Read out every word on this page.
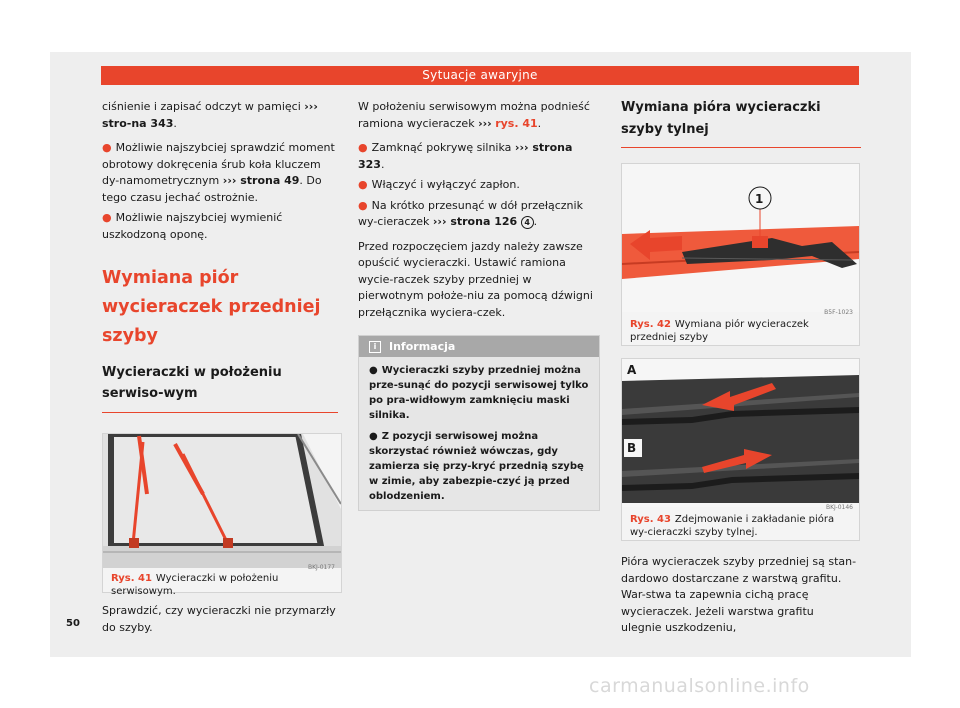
Sytuacje awaryjne

ciśnienie i zapisać odczyt w pamięci ››› stro-na 343.

● Możliwie najszybciej sprawdzić moment obrotowy dokręcenia śrub koła kluczem dy-namometrycznym ››› strona 49. Do tego czasu jechać ostrożnie.

● Możliwie najszybciej wymienić uszkodzoną oponę.

Wymiana piór wycieraczek przedniej szyby
Wycieraczki w położeniu serwiso-wym
BKJ-0177
Rys. 41 Wycieraczki w położeniu serwisowym.

Sprawdzić, czy wycieraczki nie przymarzły do szyby.

W położeniu serwisowym można podnieść ramiona wycieraczek ››› rys. 41.

● Zamknąć pokrywę silnika ››› strona 323.

● Włączyć i wyłączyć zapłon.

● Na krótko przesunąć w dół przełącznik wy-cieraczek ››› strona 126 4 .

Przed rozpoczęciem jazdy należy zawsze opuścić wycieraczki. Ustawić ramiona wycie-raczek szyby przedniej w pierwotnym położe-niu za pomocą dźwigni przełącznika wyciera-czek.

i Informacja

● Wycieraczki szyby przedniej można prze-sunąć do pozycji serwisowej tylko po pra-widłowym zamknięciu maski silnika.

● Z pozycji serwisowej można skorzystać również wówczas, gdy zamierza się przy-kryć przednią szybę w zimie, aby zabezpie-czyć ją przed oblodzeniem.

Wymiana pióra wycieraczki szyby tylnej
1
B5F-1023
Rys. 42 Wymiana piór wycieraczek przedniej szyby
A
B
BKJ-0146
Rys. 43 Zdejmowanie i zakładanie pióra wy-cieraczki szyby tylnej.

Pióra wycieraczek szyby przedniej są stan-dardowo dostarczane z warstwą grafitu. War-stwa ta zapewnia cichą pracę wycieraczek. Jeżeli warstwa grafitu ulegnie uszkodzeniu,

50
carmanualsonline.info
